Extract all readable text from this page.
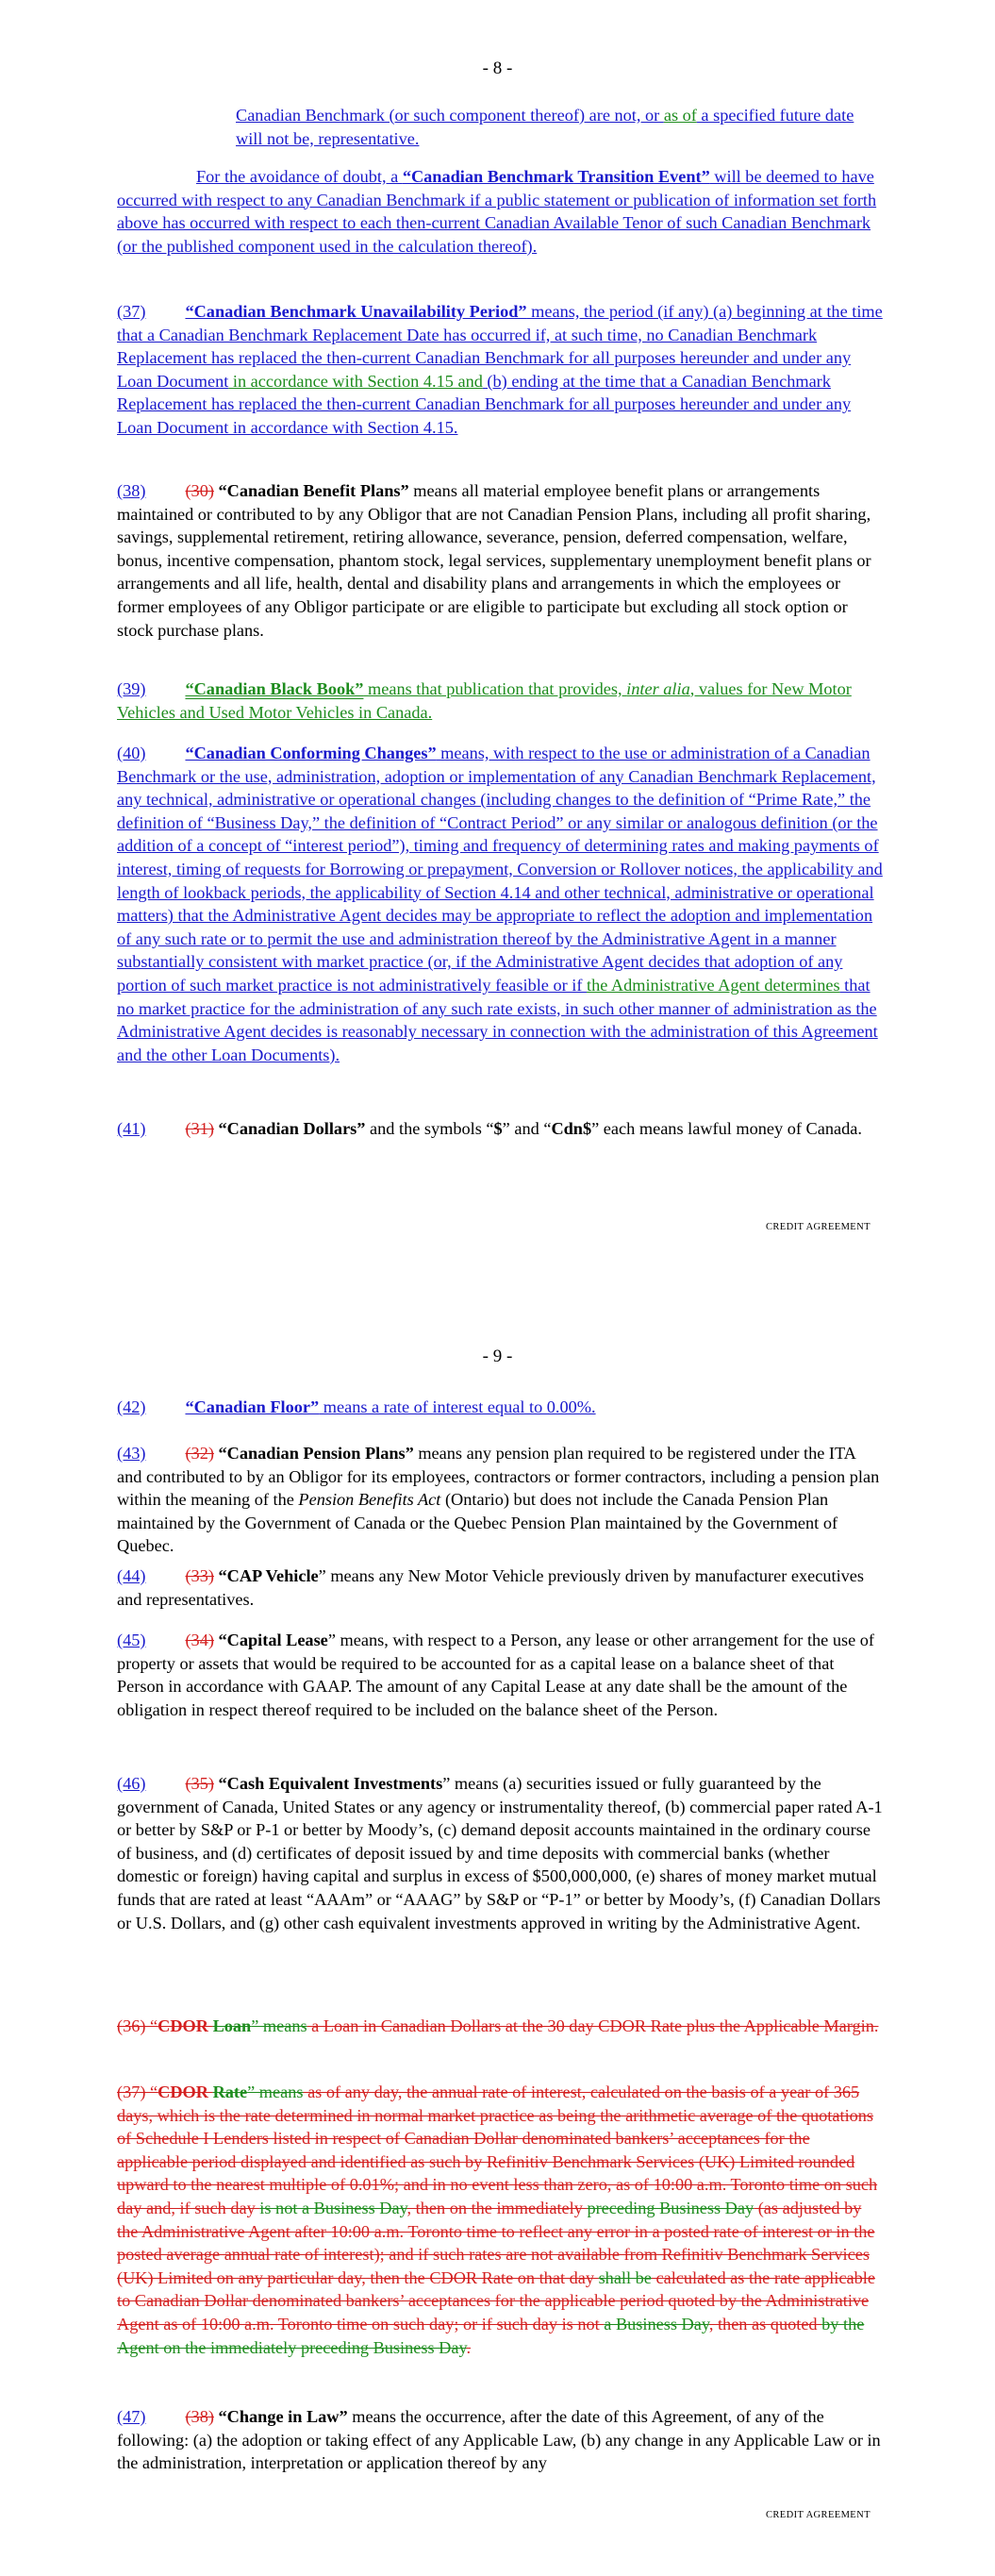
- 8 -

Canadian Benchmark (or such component thereof) are not, or as of a specified future date will not be, representative.

For the avoidance of doubt, a “Canadian Benchmark Transition Event” will be deemed to have occurred with respect to any Canadian Benchmark if a public statement or publication of information set forth above has occurred with respect to each then-current Canadian Available Tenor of such Canadian Benchmark (or the published component used in the calculation thereof).

(37) “Canadian Benchmark Unavailability Period” means, the period (if any) (a) beginning at the time that a Canadian Benchmark Replacement Date has occurred if, at such time, no Canadian Benchmark Replacement has replaced the then-current Canadian Benchmark for all purposes hereunder and under any Loan Document in accordance with Section 4.15 and (b) ending at the time that a Canadian Benchmark Replacement has replaced the then-current Canadian Benchmark for all purposes hereunder and under any Loan Document in accordance with Section 4.15.

(38) (30) “Canadian Benefit Plans” means all material employee benefit plans or arrangements maintained or contributed to by any Obligor that are not Canadian Pension Plans, including all profit sharing, savings, supplemental retirement, retiring allowance, severance, pension, deferred compensation, welfare, bonus, incentive compensation, phantom stock, legal services, supplementary unemployment benefit plans or arrangements and all life, health, dental and disability plans and arrangements in which the employees or former employees of any Obligor participate or are eligible to participate but excluding all stock option or stock purchase plans.

(39) “Canadian Black Book” means that publication that provides, inter alia, values for New Motor Vehicles and Used Motor Vehicles in Canada.

(40) “Canadian Conforming Changes” means, with respect to the use or administration of a Canadian Benchmark or the use, administration, adoption or implementation of any Canadian Benchmark Replacement, any technical, administrative or operational changes (including changes to the definition of “Prime Rate,” the definition of “Business Day,” the definition of “Contract Period” or any similar or analogous definition (or the addition of a concept of “interest period”), timing and frequency of determining rates and making payments of interest, timing of requests for Borrowing or prepayment, Conversion or Rollover notices, the applicability and length of lookback periods, the applicability of Section 4.14 and other technical, administrative or operational matters) that the Administrative Agent decides may be appropriate to reflect the adoption and implementation of any such rate or to permit the use and administration thereof by the Administrative Agent in a manner substantially consistent with market practice (or, if the Administrative Agent decides that adoption of any portion of such market practice is not administratively feasible or if the Administrative Agent determines that no market practice for the administration of any such rate exists, in such other manner of administration as the Administrative Agent decides is reasonably necessary in connection with the administration of this Agreement and the other Loan Documents).

(41) (31) “Canadian Dollars” and the symbols “$” and “Cdn$” each means lawful money of Canada.

CREDIT AGREEMENT
- 9 -

(42) “Canadian Floor” means a rate of interest equal to 0.00%.

(43) (32) “Canadian Pension Plans” means any pension plan required to be registered under the ITA and contributed to by an Obligor for its employees, contractors or former contractors, including a pension plan within the meaning of the Pension Benefits Act (Ontario) but does not include the Canada Pension Plan maintained by the Government of Canada or the Quebec Pension Plan maintained by the Government of Quebec.

(44) (33) “CAP Vehicle” means any New Motor Vehicle previously driven by manufacturer executives and representatives.

(45) (34) “Capital Lease” means, with respect to a Person, any lease or other arrangement for the use of property or assets that would be required to be accounted for as a capital lease on a balance sheet of that Person in accordance with GAAP. The amount of any Capital Lease at any date shall be the amount of the obligation in respect thereof required to be included on the balance sheet of the Person.

(46) (35) “Cash Equivalent Investments” means (a) securities issued or fully guaranteed by the government of Canada, United States or any agency or instrumentality thereof, (b) commercial paper rated A-1 or better by S&P or P-1 or better by Moody’s, (c) demand deposit accounts maintained in the ordinary course of business, and (d) certificates of deposit issued by and time deposits with commercial banks (whether domestic or foreign) having capital and surplus in excess of $500,000,000, (e) shares of money market mutual funds that are rated at least “AAAm” or “AAAG” by S&P or “P-1” or better by Moody’s, (f) Canadian Dollars or U.S. Dollars, and (g) other cash equivalent investments approved in writing by the Administrative Agent.

(36) “CDOR Loan” means a Loan in Canadian Dollars at the 30 day CDOR Rate plus the Applicable Margin.

(37) “CDOR Rate” means as of any day, the annual rate of interest, calculated on the basis of a year of 365 days, which is the rate determined in normal market practice as being the arithmetic average of the quotations of Schedule I Lenders listed in respect of Canadian Dollar denominated bankers’ acceptances for the applicable period displayed and identified as such by Refinitiv Benchmark Services (UK) Limited rounded upward to the nearest multiple of 0.01%; and in no event less than zero, as of 10:00 a.m. Toronto time on such day and, if such day is not a Business Day, then on the immediately preceding Business Day (as adjusted by the Administrative Agent after 10:00 a.m. Toronto time to reflect any error in a posted rate of interest or in the posted average annual rate of interest); and if such rates are not available from Refinitiv Benchmark Services (UK) Limited on any particular day, then the CDOR Rate on that day shall be calculated as the rate applicable to Canadian Dollar denominated bankers’ acceptances for the applicable period quoted by the Administrative Agent as of 10:00 a.m. Toronto time on such day; or if such day is not a Business Day, then as quoted by the Agent on the immediately preceding Business Day.

(47) (38) “Change in Law” means the occurrence, after the date of this Agreement, of any of the following: (a) the adoption or taking effect of any Applicable Law, (b) any change in any Applicable Law or in the administration, interpretation or application thereof by any

CREDIT AGREEMENT
